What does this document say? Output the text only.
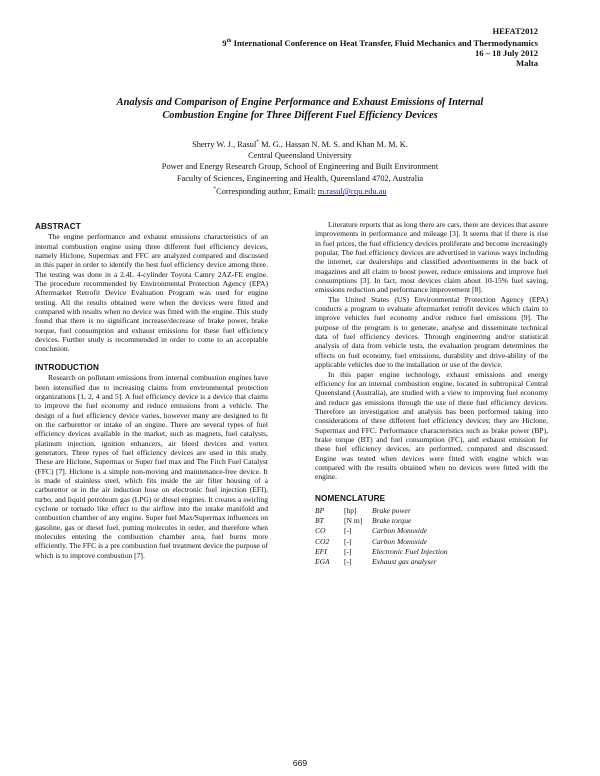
HEFAT2012
9th International Conference on Heat Transfer, Fluid Mechanics and Thermodynamics
16 – 18 July 2012
Malta
Analysis and Comparison of Engine Performance and Exhaust Emissions of Internal
Combustion Engine for Three Different Fuel Efficiency Devices
Sherry W. J., Rasul* M. G., Hassan N. M. S. and Khan M. M. K.
Central Queensland University
Power and Energy Research Group, School of Engineering and Built Environment
Faculty of Sciences, Engineering and Health, Queensland 4702, Australia
*Corresponding author, Email: m.rasul@cqu.edu.au
ABSTRACT

The engine performance and exhaust emissions characteristics of an internal combustion engine using three different fuel efficiency devices, namely Hiclone, Supermax and FFC are analyzed compared and discussed in this paper in order to identify the best fuel efficiency device among three. The testing was done in a 2.4L 4-cylinder Toyota Camry 2AZ-FE engine. The procedure recommended by Environmental Protection Agency (EPA) Aftermarket Retrofit Device Evaluation Program was used for engine testing. All the results obtained were when the devices were fitted and compared with results when no device was fitted with the engine. This study found that there is no significant increase/decrease of brake power, brake torque, fuel consumption and exhaust emissions for these fuel efficiency devices. Further study is recommended in order to come to an acceptable conclusion.

INTRODUCTION

Research on pollutant emissions from internal combustion engines have been intensified due to increasing claims from environmental protection organizations [1, 2, 4 and 5]. A fuel efficiency device is a device that claims to improve the fuel economy and reduce emissions from a vehicle. The design of a fuel efficiency device varies, however many are designed to fit on the carburettor or intake of an engine. There are several types of fuel efficiency devices available in the market, such as magnets, fuel catalysts, platinum injection, ignition enhancers, air bleed devices and vortex generators. Three types of fuel efficiency devices are used in this study. These are Hiclone, Supermax or Super fuel max and The Fitch Fuel Catalyst (FFC) [7]. Hiclone is a simple non-moving and maintenance-free device. It is made of stainless steel, which fits inside the air filter housing of a carburettor or in the air induction hose on electronic fuel injection (EFI), turbo, and liquid petroleum gas (LPG) or diesel engines. It creates a swirling cyclone or tornado like effect to the airflow into the intake manifold and combustion chamber of any engine. Super fuel Max/Supermax influences on gasoline, gas or diesel fuel, putting molecules in order, and therefore when molecules entering the combustion chamber area, fuel burns more efficiently. The FFC is a pre combustion fuel treatment device the purpose of which is to improve combustion [7].

Literature reports that as long there are cars, there are devices that assure improvements in performance and mileage [3]. It seems that if there is rise in fuel prices, the fuel efficiency devices proliferate and become increasingly popular. The fuel efficiency devices are advertised in various ways including the internet, car dealerships and classified advertisements in the back of magazines and all claim to boost power, reduce emissions and improve fuel consumptions [3]. In fact, most devices claim about 10-15% fuel saving, emissions reduction and performance improvement [8].

The United States (US) Environmental Protection Agency (EPA) conducts a program to evaluate aftermarket retrofit devices which claim to improve vehicles fuel economy and/or reduce fuel emissions [9]. The purpose of the program is to generate, analyse and disseminate technical data of fuel efficiency devices. Through engineering and/or statistical analysis of data from vehicle tests, the evaluation program determines the effects on fuel economy, fuel emissions, durability and drive-ability of the applicable vehicles due to the installation or use of the device.

In this paper engine technology, exhaust emissions and energy efficiency for an internal combustion engine, located in subtropical Central Queensland (Australia), are studied with a view to improving fuel economy and reduce gas emissions through the use of three fuel efficiency devices. Therefore an investigation and analysis has been performed taking into considerations of three different fuel efficiency devices; they are Hiclone, Supermax and FFC. Performance characteristics such as brake power (BP), brake torque (BT) and fuel consumption (FC), and exhaust emission for these fuel efficiency devices, are performed, compared and discussed. Engine was tested when devices were fitted with engine which was compared with the results obtained when no devices were fitted with the engine.

NOMENCLATURE
BP	[hp]	Brake power
BT	[N m]	Brake torque
CO	[-]	Carbon Monoxide
CO2	[-]	Carbon Monoxide
EFI	[-]	Electronic Fuel Injection
EGA	[-]	Exhaust gas analyser
669
